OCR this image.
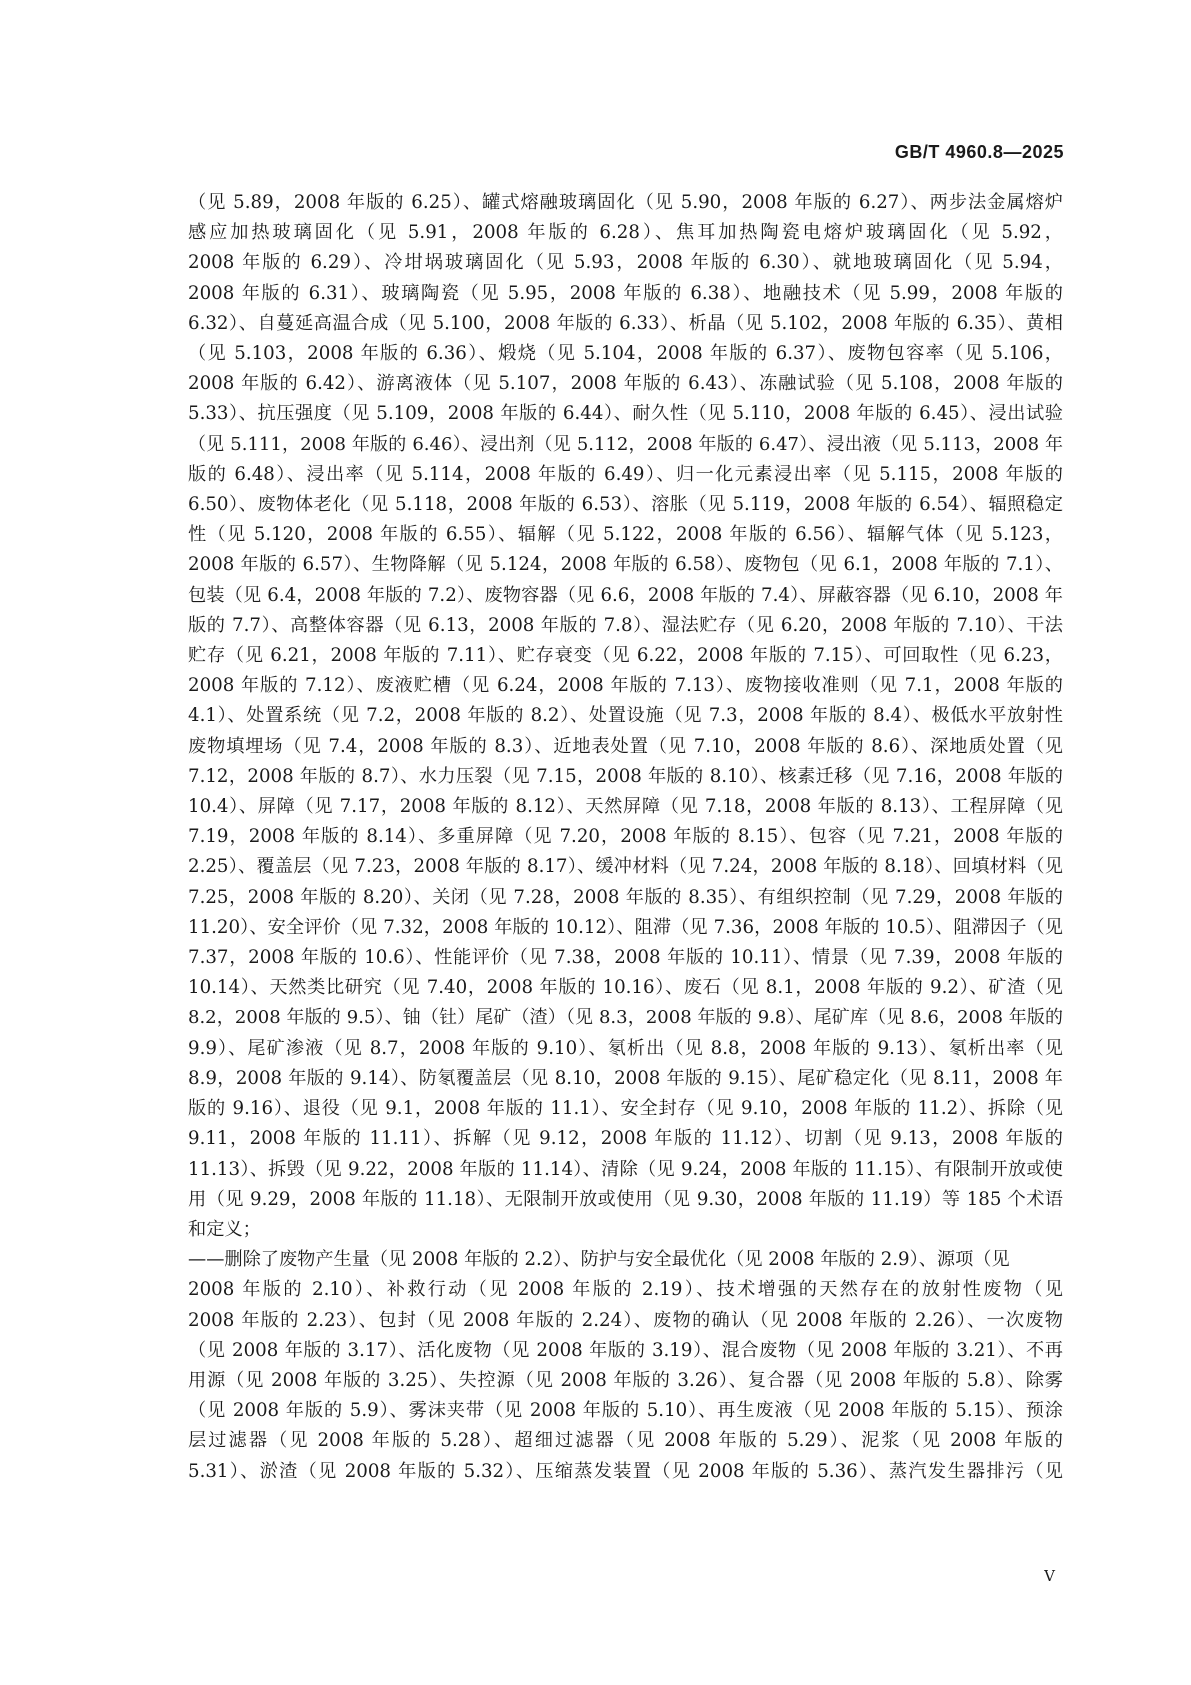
GB/T 4960.8—2025
（见 5.89，2008 年版的 6.25）、罐式熔融玻璃固化（见 5.90，2008 年版的 6.27）、两步法金属熔炉
感应加热玻璃固化（见 5.91，2008 年版的 6.28）、焦耳加热陶瓷电熔炉玻璃固化（见 5.92，
2008 年版的 6.29）、冷坩埚玻璃固化（见 5.93，2008 年版的 6.30）、就地玻璃固化（见 5.94，
2008 年版的 6.31）、玻璃陶瓷（见 5.95，2008 年版的 6.38）、地融技术（见 5.99，2008 年版的
6.32）、自蔓延高温合成（见 5.100，2008 年版的 6.33）、析晶（见 5.102，2008 年版的 6.35）、黄相
（见 5.103，2008 年版的 6.36）、煅烧（见 5.104，2008 年版的 6.37）、废物包容率（见 5.106，
2008 年版的 6.42）、游离液体（见 5.107，2008 年版的 6.43）、冻融试验（见 5.108，2008 年版的
5.33）、抗压强度（见 5.109，2008 年版的 6.44）、耐久性（见 5.110，2008 年版的 6.45）、浸出试验
（见 5.111，2008 年版的 6.46）、浸出剂（见 5.112，2008 年版的 6.47）、浸出液（见 5.113，2008 年
版的 6.48）、浸出率（见 5.114，2008 年版的 6.49）、归一化元素浸出率（见 5.115，2008 年版的
6.50）、废物体老化（见 5.118，2008 年版的 6.53）、溶胀（见 5.119，2008 年版的 6.54）、辐照稳定
性（见 5.120，2008 年版的 6.55）、辐解（见 5.122，2008 年版的 6.56）、辐解气体（见 5.123，
2008 年版的 6.57）、生物降解（见 5.124，2008 年版的 6.58）、废物包（见 6.1，2008 年版的 7.1）、
包装（见 6.4，2008 年版的 7.2）、废物容器（见 6.6，2008 年版的 7.4）、屏蔽容器（见 6.10，2008 年
版的 7.7）、高整体容器（见 6.13，2008 年版的 7.8）、湿法贮存（见 6.20，2008 年版的 7.10）、干法
贮存（见 6.21，2008 年版的 7.11）、贮存衰变（见 6.22，2008 年版的 7.15）、可回取性（见 6.23，
2008 年版的 7.12）、废液贮槽（见 6.24，2008 年版的 7.13）、废物接收准则（见 7.1，2008 年版的
4.1）、处置系统（见 7.2，2008 年版的 8.2）、处置设施（见 7.3，2008 年版的 8.4）、极低水平放射性
废物填埋场（见 7.4，2008 年版的 8.3）、近地表处置（见 7.10，2008 年版的 8.6）、深地质处置（见
7.12，2008 年版的 8.7）、水力压裂（见 7.15，2008 年版的 8.10）、核素迁移（见 7.16，2008 年版的
10.4）、屏障（见 7.17，2008 年版的 8.12）、天然屏障（见 7.18，2008 年版的 8.13）、工程屏障（见
7.19，2008 年版的 8.14）、多重屏障（见 7.20，2008 年版的 8.15）、包容（见 7.21，2008 年版的
2.25）、覆盖层（见 7.23，2008 年版的 8.17）、缓冲材料（见 7.24，2008 年版的 8.18）、回填材料（见
7.25，2008 年版的 8.20）、关闭（见 7.28，2008 年版的 8.35）、有组织控制（见 7.29，2008 年版的
11.20）、安全评价（见 7.32，2008 年版的 10.12）、阻滞（见 7.36，2008 年版的 10.5）、阻滞因子（见
7.37，2008 年版的 10.6）、性能评价（见 7.38，2008 年版的 10.11）、情景（见 7.39，2008 年版的
10.14）、天然类比研究（见 7.40，2008 年版的 10.16）、废石（见 8.1，2008 年版的 9.2）、矿渣（见
8.2，2008 年版的 9.5）、铀（钍）尾矿（渣）（见 8.3，2008 年版的 9.8）、尾矿库（见 8.6，2008 年版的
9.9）、尾矿渗液（见 8.7，2008 年版的 9.10）、氡析出（见 8.8，2008 年版的 9.13）、氡析出率（见
8.9，2008 年版的 9.14）、防氡覆盖层（见 8.10，2008 年版的 9.15）、尾矿稳定化（见 8.11，2008 年
版的 9.16）、退役（见 9.1，2008 年版的 11.1）、安全封存（见 9.10，2008 年版的 11.2）、拆除（见
9.11，2008 年版的 11.11）、拆解（见 9.12，2008 年版的 11.12）、切割（见 9.13，2008 年版的
11.13）、拆毁（见 9.22，2008 年版的 11.14）、清除（见 9.24，2008 年版的 11.15）、有限制开放或使
用（见 9.29，2008 年版的 11.18）、无限制开放或使用（见 9.30，2008 年版的 11.19）等 185 个术语
和定义；
——删除了废物产生量（见 2008 年版的 2.2）、防护与安全最优化（见 2008 年版的 2.9）、源项（见
2008 年版的 2.10）、补救行动（见 2008 年版的 2.19）、技术增强的天然存在的放射性废物（见
2008 年版的 2.23）、包封（见 2008 年版的 2.24）、废物的确认（见 2008 年版的 2.26）、一次废物
（见 2008 年版的 3.17）、活化废物（见 2008 年版的 3.19）、混合废物（见 2008 年版的 3.21）、不再
用源（见 2008 年版的 3.25）、失控源（见 2008 年版的 3.26）、复合器（见 2008 年版的 5.8）、除雾
（见 2008 年版的 5.9）、雾沫夹带（见 2008 年版的 5.10）、再生废液（见 2008 年版的 5.15）、预涂
层过滤器（见 2008 年版的 5.28）、超细过滤器（见 2008 年版的 5.29）、泥浆（见 2008 年版的
5.31）、淤渣（见 2008 年版的 5.32）、压缩蒸发装置（见 2008 年版的 5.36）、蒸汽发生器排污（见
V
